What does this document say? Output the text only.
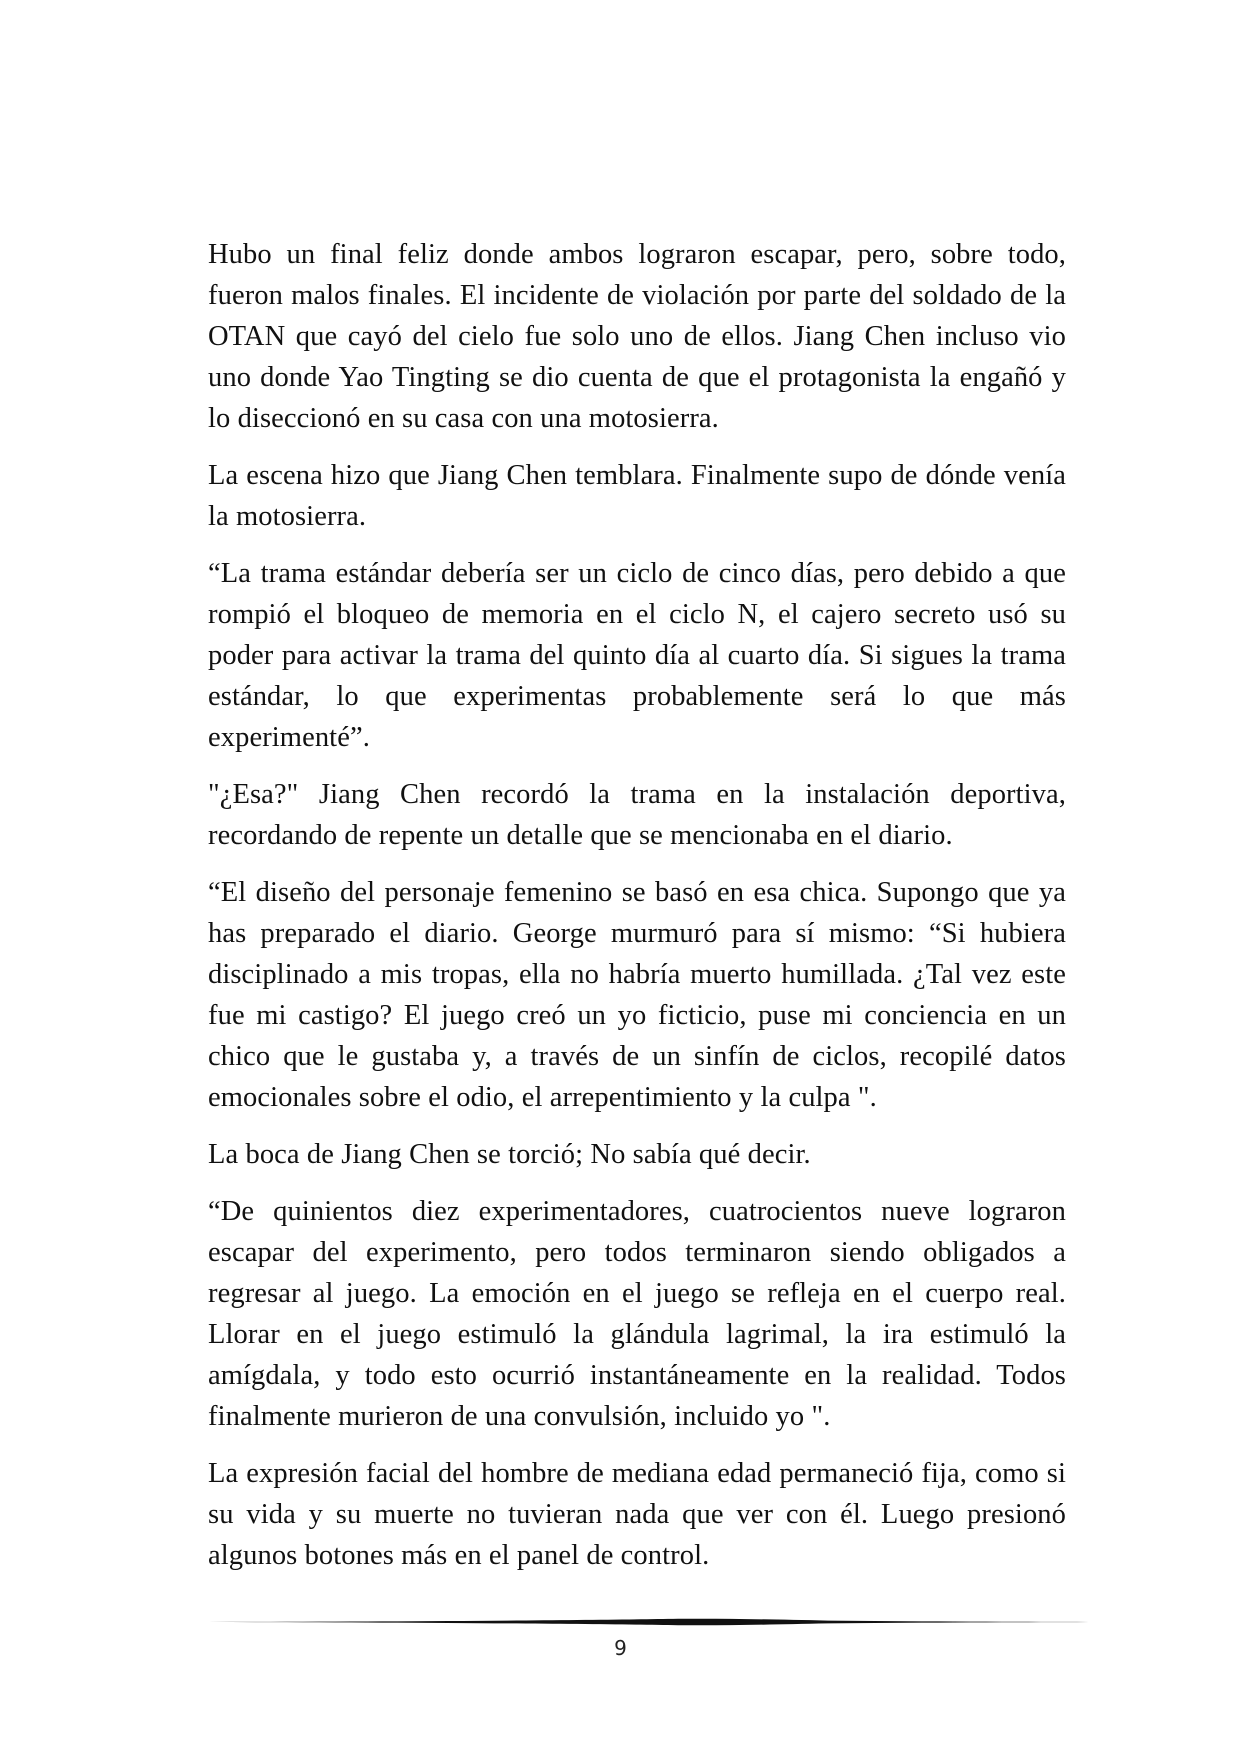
Hubo un final feliz donde ambos lograron escapar, pero, sobre todo, fueron malos finales. El incidente de violación por parte del soldado de la OTAN que cayó del cielo fue solo uno de ellos. Jiang Chen incluso vio uno donde Yao Tingting se dio cuenta de que el protagonista la engañó y lo diseccionó en su casa con una motosierra.

La escena hizo que Jiang Chen temblara. Finalmente supo de dónde venía la motosierra.

“La trama estándar debería ser un ciclo de cinco días, pero debido a que rompió el bloqueo de memoria en el ciclo N, el cajero secreto usó su poder para activar la trama del quinto día al cuarto día. Si sigues la trama estándar, lo que experimentas probablemente será lo que más experimenté”.

"¿Esa?" Jiang Chen recordó la trama en la instalación deportiva, recordando de repente un detalle que se mencionaba en el diario.

“El diseño del personaje femenino se basó en esa chica. Supongo que ya has preparado el diario. George murmuró para sí mismo: “Si hubiera disciplinado a mis tropas, ella no habría muerto humillada. ¿Tal vez este fue mi castigo? El juego creó un yo ficticio, puse mi conciencia en un chico que le gustaba y, a través de un sinfín de ciclos, recopilé datos emocionales sobre el odio, el arrepentimiento y la culpa ".

La boca de Jiang Chen se torció; No sabía qué decir.

“De quinientos diez experimentadores, cuatrocientos nueve lograron escapar del experimento, pero todos terminaron siendo obligados a regresar al juego. La emoción en el juego se refleja en el cuerpo real. Llorar en el juego estimuló la glándula lagrimal, la ira estimuló la amígdala, y todo esto ocurrió instantáneamente en la realidad. Todos finalmente murieron de una convulsión, incluido yo ".

La expresión facial del hombre de mediana edad permaneció fija, como si su vida y su muerte no tuvieran nada que ver con él. Luego presionó algunos botones más en el panel de control.

9
